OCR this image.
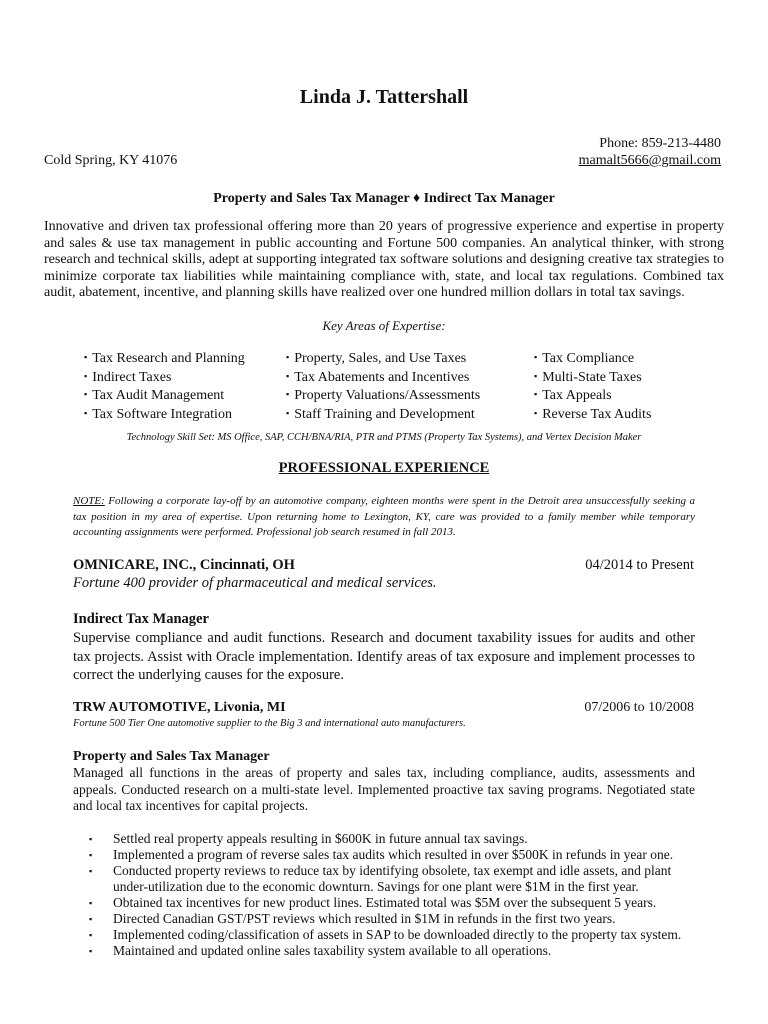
Linda J. Tattershall
Phone: 859-213-4480
Cold Spring, KY 41076	mamalt5666@gmail.com
Property and Sales Tax Manager ♦ Indirect Tax Manager

Innovative and driven tax professional offering more than 20 years of progressive experience and expertise in property and sales & use tax management in public accounting and Fortune 500 companies. An analytical thinker, with strong research and technical skills, adept at supporting integrated tax software solutions and designing creative tax strategies to minimize corporate tax liabilities while maintaining compliance with, state, and local tax regulations. Combined tax audit, abatement, incentive, and planning skills have realized over one hundred million dollars in total tax savings.

Key Areas of Expertise:
▪ Tax Research and Planning
▪ Indirect Taxes
▪ Tax Audit Management
▪ Tax Software Integration
▪ Property, Sales, and Use Taxes
▪ Tax Abatements and Incentives
▪ Property Valuations/Assessments
▪ Staff Training and Development
▪ Tax Compliance
▪ Multi-State Taxes
▪ Tax Appeals
▪ Reverse Tax Audits
Technology Skill Set: MS Office, SAP, CCH/BNA/RIA, PTR and PTMS (Property Tax Systems), and Vertex Decision Maker
PROFESSIONAL EXPERIENCE

NOTE: Following a corporate lay-off by an automotive company, eighteen months were spent in the Detroit area unsuccessfully seeking a tax position in my area of expertise. Upon returning home to Lexington, KY, care was provided to a family member while temporary accounting assignments were performed. Professional job search resumed in fall 2013.

OMNICARE, INC., Cincinnati, OH	04/2014 to Present
Fortune 400 provider of pharmaceutical and medical services.
Indirect Tax Manager

Supervise compliance and audit functions. Research and document taxability issues for audits and other tax projects. Assist with Oracle implementation. Identify areas of tax exposure and implement processes to correct the underlying causes for the exposure.

TRW AUTOMOTIVE, Livonia, MI	07/2006 to 10/2008
Fortune 500 Tier One automotive supplier to the Big 3 and international auto manufacturers.
Property and Sales Tax Manager

Managed all functions in the areas of property and sales tax, including compliance, audits, assessments and appeals. Conducted research on a multi-state level. Implemented proactive tax saving programs. Negotiated state and local tax incentives for capital projects.

▪ Settled real property appeals resulting in $600K in future annual tax savings.
▪ Implemented a program of reverse sales tax audits which resulted in over $500K in refunds in year one.
▪ Conducted property reviews to reduce tax by identifying obsolete, tax exempt and idle assets, and plant under-utilization due to the economic downturn. Savings for one plant were $1M in the first year.
▪ Obtained tax incentives for new product lines. Estimated total was $5M over the subsequent 5 years.
▪ Directed Canadian GST/PST reviews which resulted in $1M in refunds in the first two years.
▪ Implemented coding/classification of assets in SAP to be downloaded directly to the property tax system.
▪ Maintained and updated online sales taxability system available to all operations.
